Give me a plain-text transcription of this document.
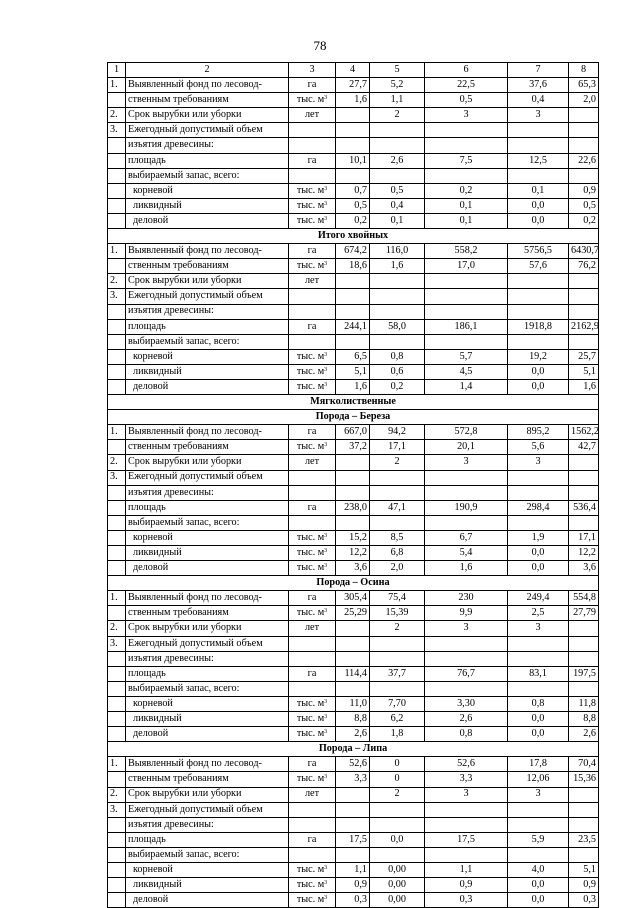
78
1	2	3	4	5	6	7	8
1.	Выявленный фонд по лесовод-	га	27,7	5,2	22,5	37,6	65,3
	ственным требованиям	тыс. $м^3$	1,6	1,1	0,5	0,4	2,0
2.	Срок вырубки или уборки	лет		2	3	3	
3.	Ежегодный допустимый объем						
	изъятия древесины:						
	площадь	га	10,1	2,6	7,5	12,5	22,6
	выбираемый запас, всего:						
	корневой	тыс. $м^3$	0,7	0,5	0,2	0,1	0,9
	ликвидный	тыс. $м^3$	0,5	0,4	0,1	0,0	0,5
	деловой	тыс. $м^3$	0,2	0,1	0,1	0,0	0,2
Итого хвойных							
1.	Выявленный фонд по лесовод-	га	674,2	116,0	558,2	5756,5	6430,7
	ственным требованиям	тыс. $м^3$	18,6	1,6	17,0	57,6	76,2
2.	Срок вырубки или уборки	лет					
3.	Ежегодный допустимый объем						
	изъятия древесины:						
	площадь	га	244,1	58,0	186,1	1918,8	2162,9
	выбираемый запас, всего:						
	корневой	тыс. $м^3$	6,5	0,8	5,7	19,2	25,7
	ликвидный	тыс. $м^3$	5,1	0,6	4,5	0,0	5,1
	деловой	тыс. $м^3$	1,6	0,2	1,4	0,0	1,6
Мягколиственные							
Порода – Береза							
1.	Выявленный фонд по лесовод-	га	667,0	94,2	572,8	895,2	1562,2
	ственным требованиям	тыс. $м^3$	37,2	17,1	20,1	5,6	42,7
2.	Срок вырубки или уборки	лет		2	3	3	
3.	Ежегодный допустимый объем						
	изъятия древесины:						
	площадь	га	238,0	47,1	190,9	298,4	536,4
	выбираемый запас, всего:						
	корневой	тыс. $м^3$	15,2	8,5	6,7	1,9	17,1
	ликвидный	тыс. $м^3$	12,2	6,8	5,4	0,0	12,2
	деловой	тыс. $м^3$	3,6	2,0	1,6	0,0	3,6
Порода – Осина							
1.	Выявленный фонд по лесовод-	га	305,4	75,4	230	249,4	554,8
	ственным требованиям	тыс. $м^3$	25,29	15,39	9,9	2,5	27,79
2.	Срок вырубки или уборки	лет		2	3	3	
3.	Ежегодный допустимый объем						
	изъятия древесины:						
	площадь	га	114,4	37,7	76,7	83,1	197,5
	выбираемый запас, всего:						
	корневой	тыс. $м^3$	11,0	7,70	3,30	0,8	11,8
	ликвидный	тыс. $м^3$	8,8	6,2	2,6	0,0	8,8
	деловой	тыс. $м^3$	2,6	1,8	0,8	0,0	2,6
Порода – Липа							
1.	Выявленный фонд по лесовод-	га	52,6	0	52,6	17,8	70,4
	ственным требованиям	тыс. $м^3$	3,3	0	3,3	12,06	15,36
2.	Срок вырубки или уборки	лет		2	3	3	
3.	Ежегодный допустимый объем						
	изъятия древесины:						
	площадь	га	17,5	0,0	17,5	5,9	23,5
	выбираемый запас, всего:						
	корневой	тыс. $м^3$	1,1	0,00	1,1	4,0	5,1
	ликвидный	тыс. $м^3$	0,9	0,00	0,9	0,0	0,9
	деловой	тыс. $м^3$	0,3	0,00	0,3	0,0	0,3
